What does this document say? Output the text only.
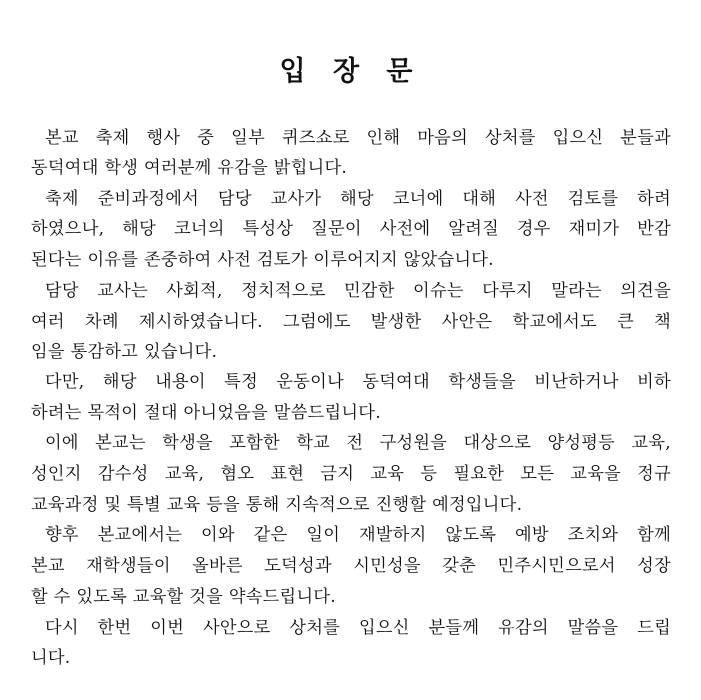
입 장 문
본교 축제 행사 중 일부 퀴즈쇼로 인해 마음의 상처를 입으신 분들과
동덕여대 학생 여러분께 유감을 밝힙니다.
축제 준비과정에서 담당 교사가 해당 코너에 대해 사전 검토를 하려
하였으나, 해당 코너의 특성상 질문이 사전에 알려질 경우 재미가 반감
된다는 이유를 존중하여 사전 검토가 이루어지지 않았습니다.
담당 교사는 사회적, 정치적으로 민감한 이슈는 다루지 말라는 의견을
여러 차례 제시하였습니다. 그럼에도 발생한 사안은 학교에서도 큰 책
임을 통감하고 있습니다.
다만, 해당 내용이 특정 운동이나 동덕여대 학생들을 비난하거나 비하
하려는 목적이 절대 아니었음을 말씀드립니다.
이에 본교는 학생을 포함한 학교 전 구성원을 대상으로 양성평등 교육,
성인지 감수성 교육, 혐오 표현 금지 교육 등 필요한 모든 교육을 정규
교육과정 및 특별 교육 등을 통해 지속적으로 진행할 예정입니다.
향후 본교에서는 이와 같은 일이 재발하지 않도록 예방 조치와 함께
본교 재학생들이 올바른 도덕성과 시민성을 갖춘 민주시민으로서 성장
할 수 있도록 교육할 것을 약속드립니다.
다시 한번 이번 사안으로 상처를 입으신 분들께 유감의 말씀을 드립
니다.
